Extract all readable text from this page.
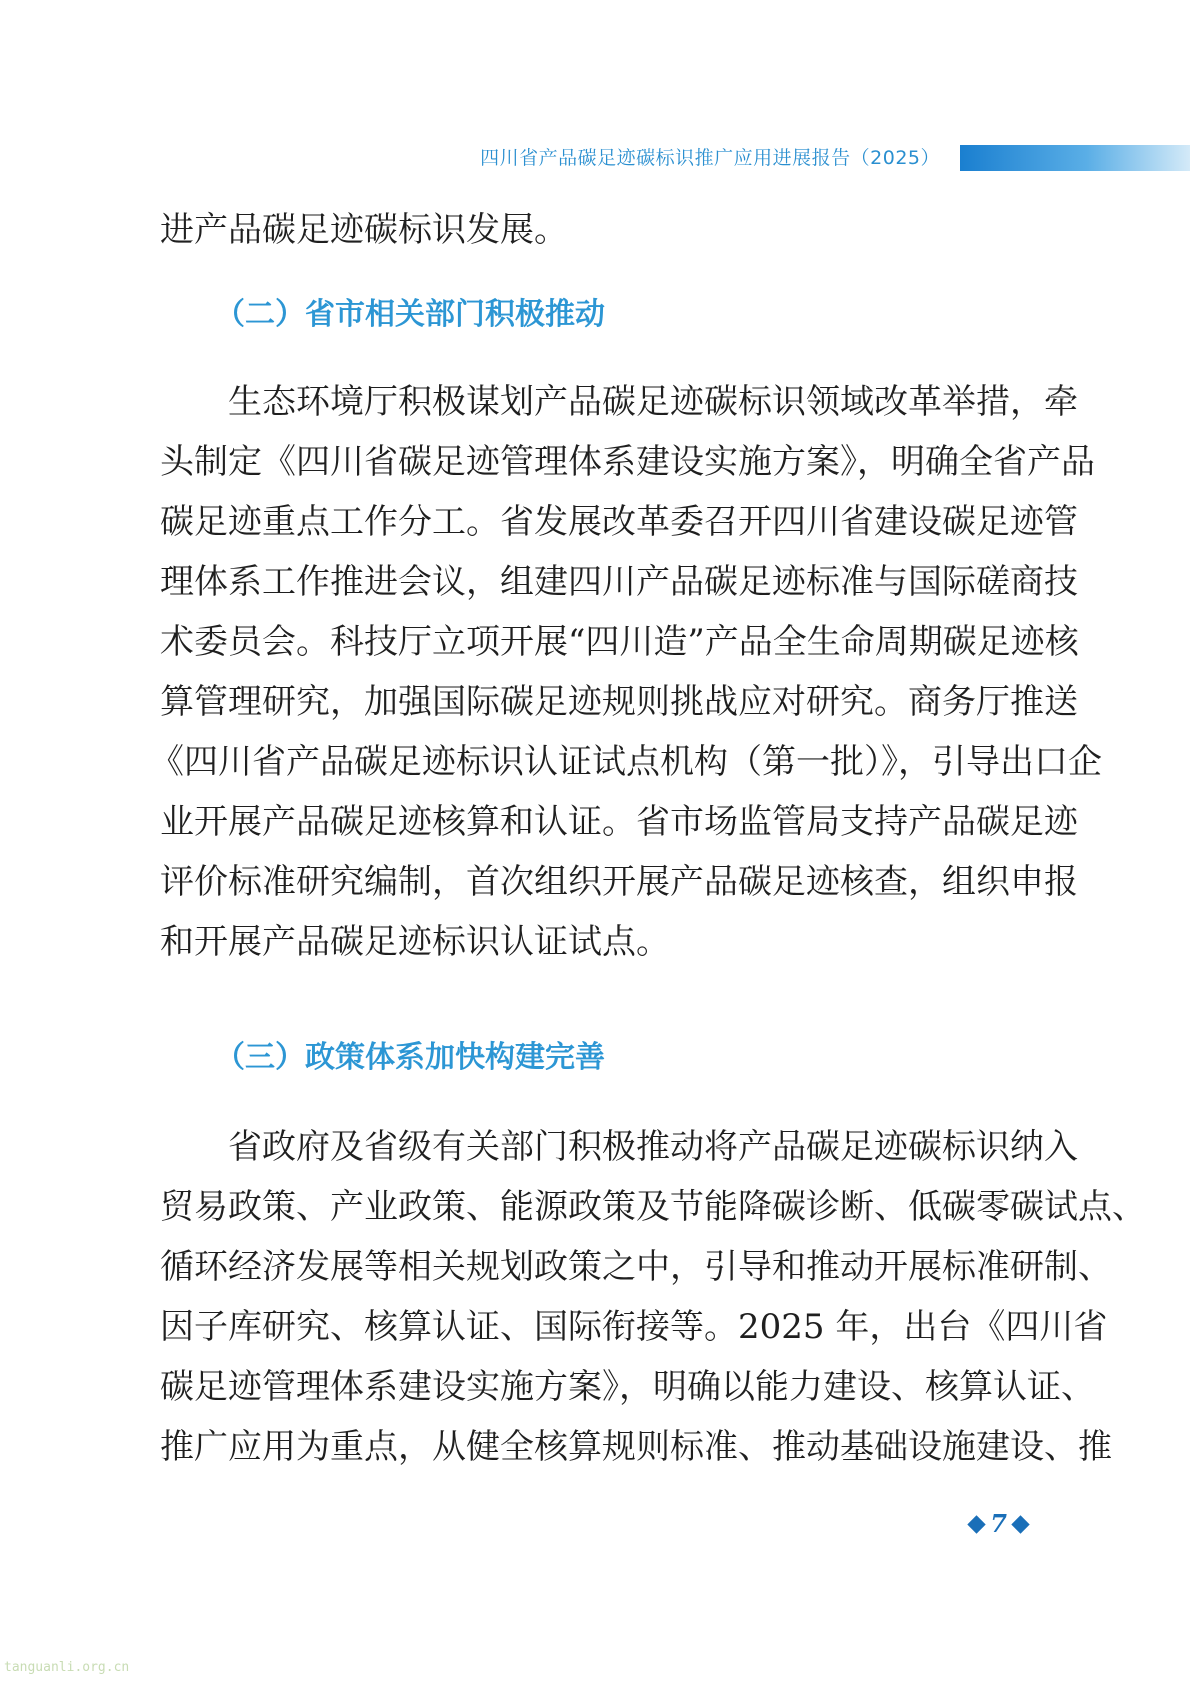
四川省产品碳足迹碳标识推广应用进展报告（2025）

进产品碳足迹碳标识发展。

（二）省市相关部门积极推动

　　生态环境厅积极谋划产品碳足迹碳标识领域改革举措，牵
头制定《四川省碳足迹管理体系建设实施方案》，明确全省产品
碳足迹重点工作分工。省发展改革委召开四川省建设碳足迹管
理体系工作推进会议，组建四川产品碳足迹标准与国际磋商技
术委员会。科技厅立项开展“四川造”产品全生命周期碳足迹核
算管理研究，加强国际碳足迹规则挑战应对研究。商务厅推送
《四川省产品碳足迹标识认证试点机构（第一批）》，引导出口企
业开展产品碳足迹核算和认证。省市场监管局支持产品碳足迹
评价标准研究编制，首次组织开展产品碳足迹核查，组织申报
和开展产品碳足迹标识认证试点。

（三）政策体系加快构建完善

　　省政府及省级有关部门积极推动将产品碳足迹碳标识纳入
贸易政策、产业政策、能源政策及节能降碳诊断、低碳零碳试点、
循环经济发展等相关规划政策之中，引导和推动开展标准研制、
因子库研究、核算认证、国际衔接等。2025 年，出台《四川省
碳足迹管理体系建设实施方案》，明确以能力建设、核算认证、
推广应用为重点，从健全核算规则标准、推动基础设施建设、推

7
tanguanli.org.cn
